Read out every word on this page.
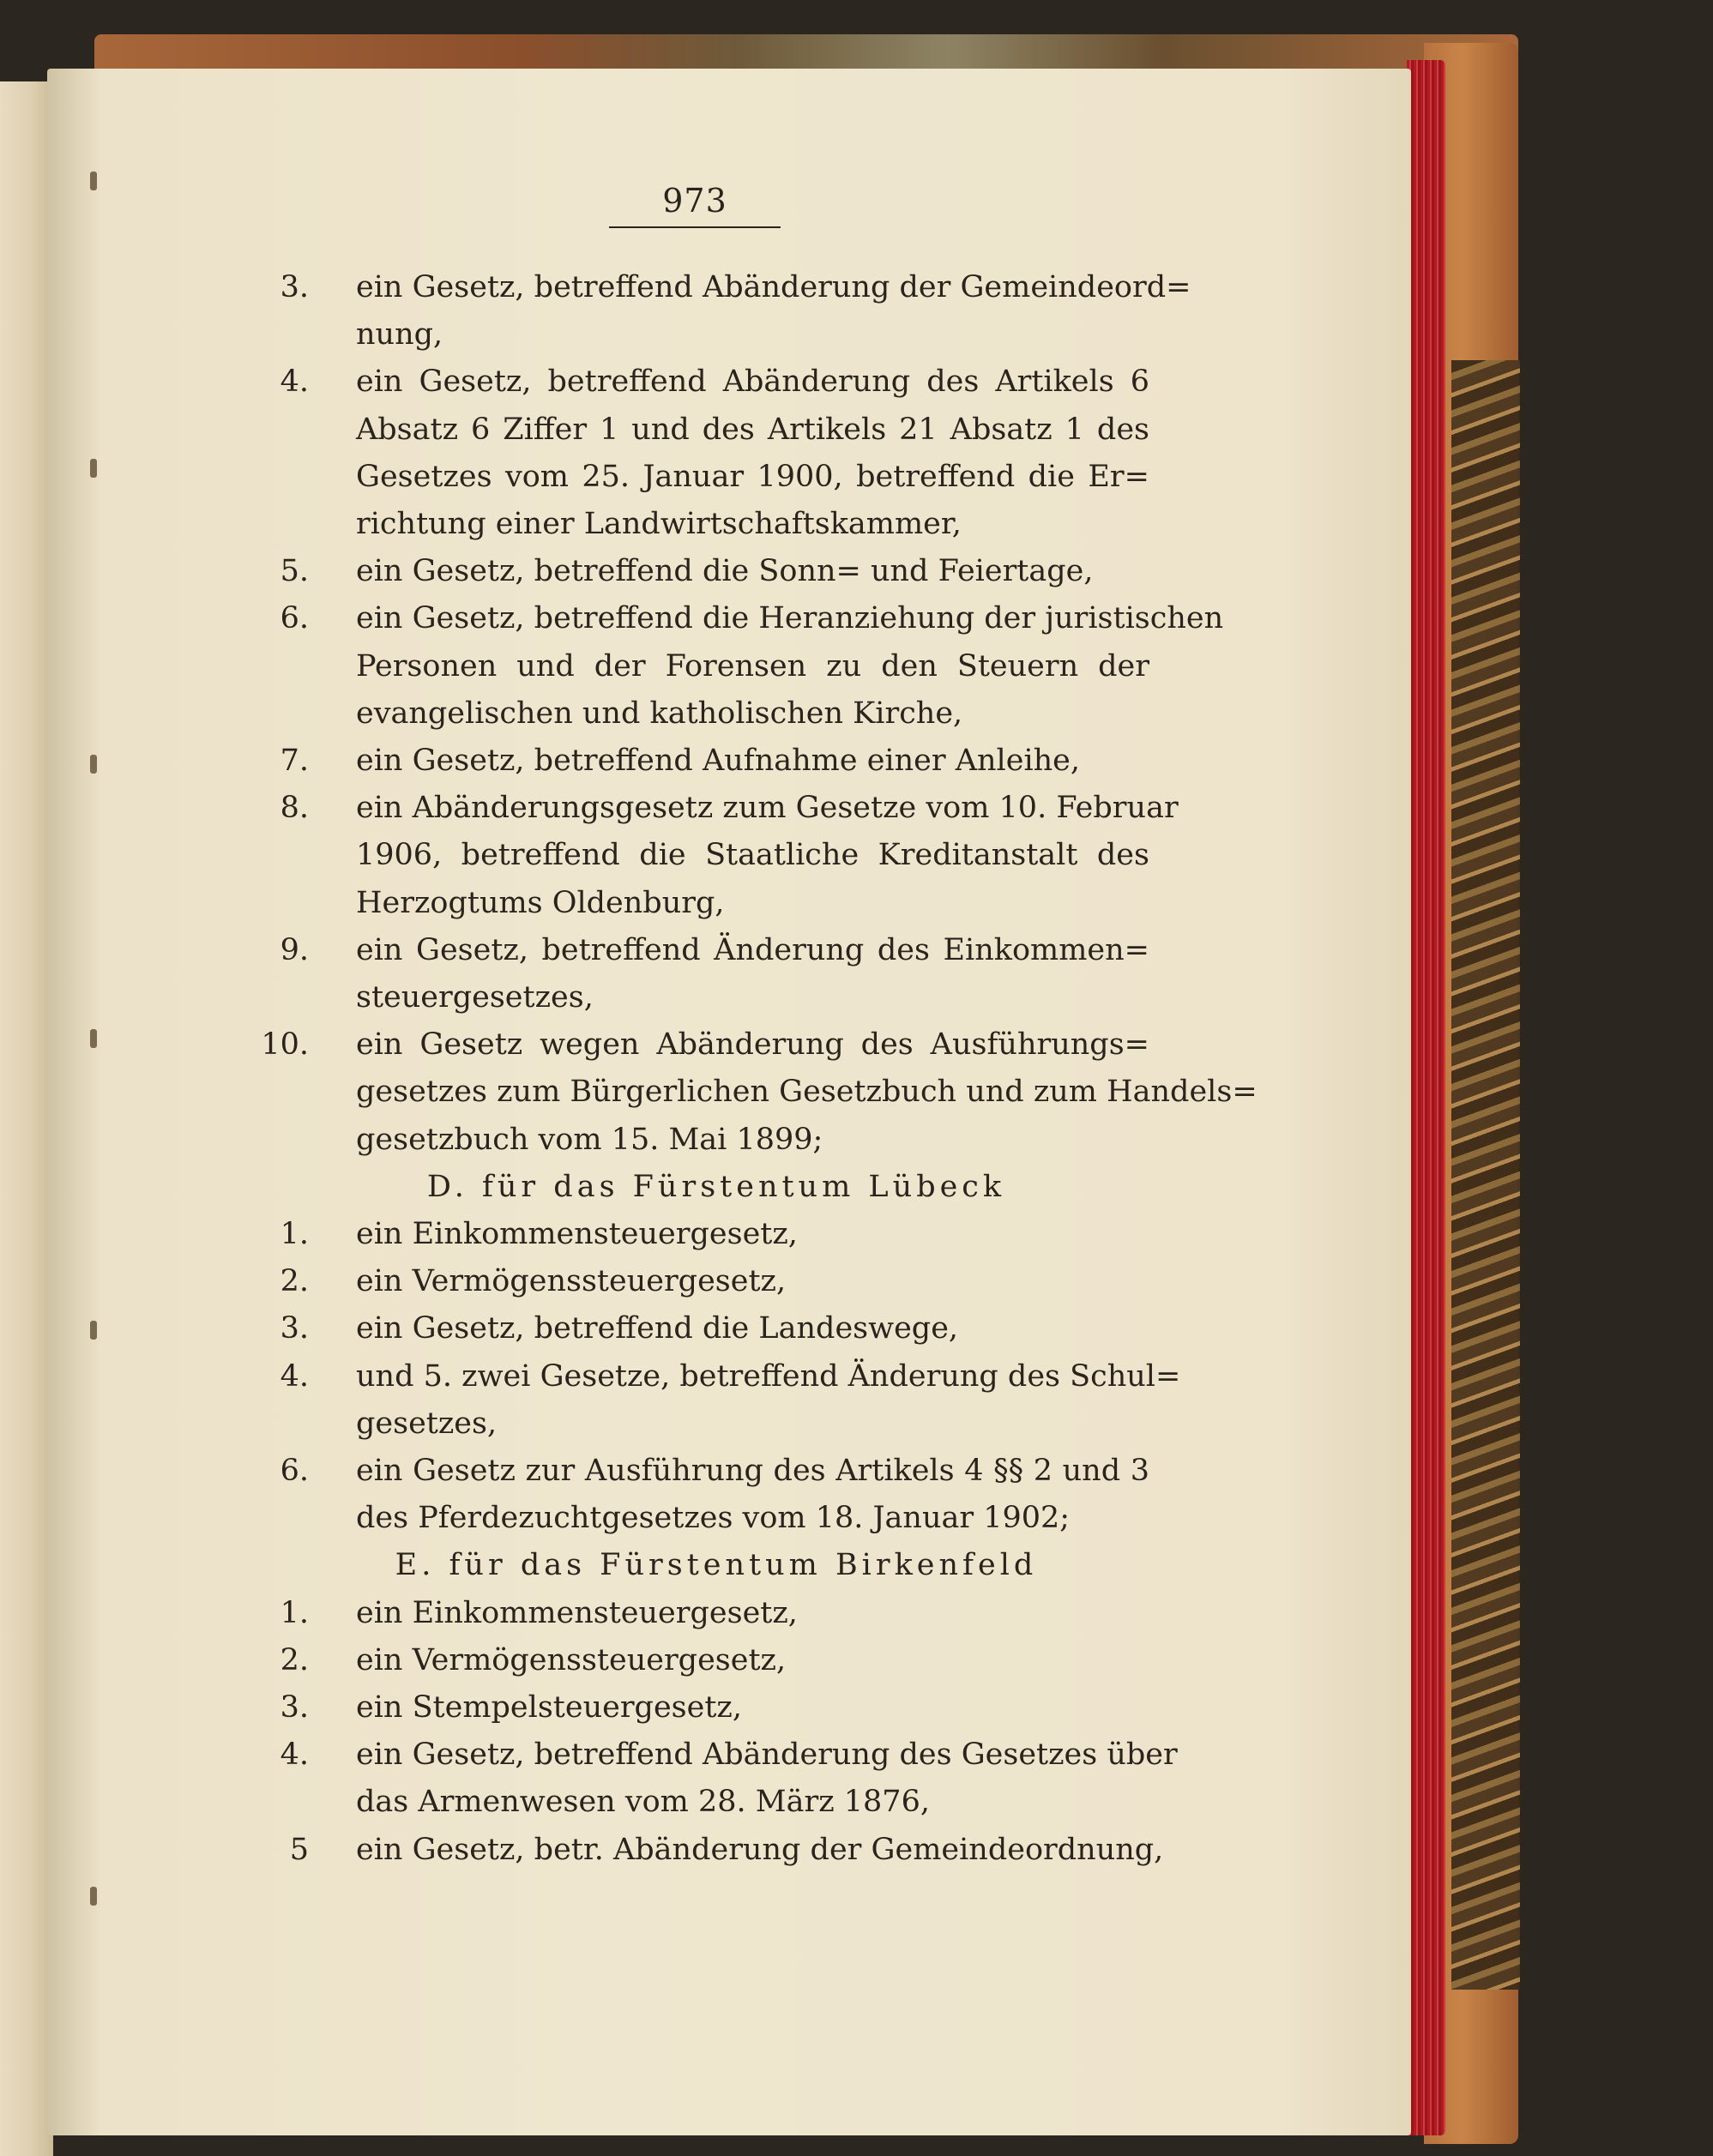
973
3. ein Gesetz, betreffend Abänderung der Gemeindeord=
nung,
4. ein Gesetz, betreffend Abänderung des Artikels 6
Absatz 6 Ziffer 1 und des Artikels 21 Absatz 1 des
Gesetzes vom 25. Januar 1900, betreffend die Er=
richtung einer Landwirtschaftskammer,
5. ein Gesetz, betreffend die Sonn= und Feiertage,
6. ein Gesetz, betreffend die Heranziehung der juristischen
Personen und der Forensen zu den Steuern der
evangelischen und katholischen Kirche,
7. ein Gesetz, betreffend Aufnahme einer Anleihe,
8. ein Abänderungsgesetz zum Gesetze vom 10. Februar
1906, betreffend die Staatliche Kreditanstalt des
Herzogtums Oldenburg,
9. ein Gesetz, betreffend Änderung des Einkommen=
steuergesetzes,
10. ein Gesetz wegen Abänderung des Ausführungs=
gesetzes zum Bürgerlichen Gesetzbuch und zum Handels=
gesetzbuch vom 15. Mai 1899;
D. für das Fürstentum Lübeck
1. ein Einkommensteuergesetz,
2. ein Vermögenssteuergesetz,
3. ein Gesetz, betreffend die Landeswege,
4. und 5. zwei Gesetze, betreffend Änderung des Schul=
gesetzes,
6. ein Gesetz zur Ausführung des Artikels 4 §§ 2 und 3
des Pferdezuchtgesetzes vom 18. Januar 1902;
E. für das Fürstentum Birkenfeld
1. ein Einkommensteuergesetz,
2. ein Vermögenssteuergesetz,
3. ein Stempelsteuergesetz,
4. ein Gesetz, betreffend Abänderung des Gesetzes über
das Armenwesen vom 28. März 1876,
5 ein Gesetz, betr. Abänderung der Gemeindeordnung,
